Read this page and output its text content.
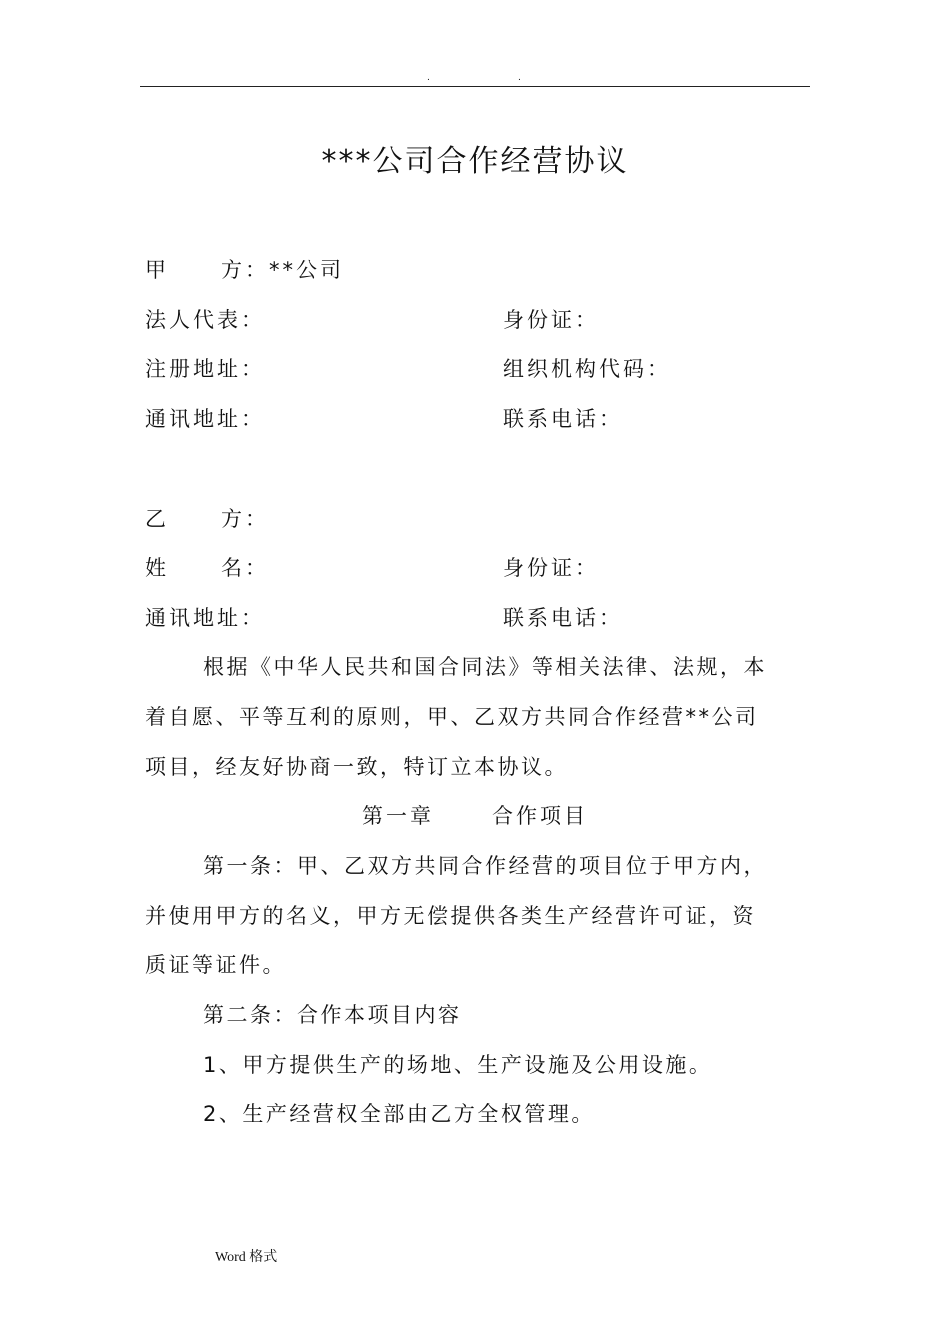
.	.
***公司合作经营协议
甲 方：**公司
法人代表：	身份证：
注册地址：	组织机构代码：
通讯地址：	联系电话：
乙 方：
姓 名：	身份证：
通讯地址：	联系电话：
根据《中华人民共和国合同法》等相关法律、法规，本
着自愿、平等互利的原则，甲、乙双方共同合作经营**公司
项目，经友好协商一致，特订立本协议。
第一章      合作项目
第一条：甲、乙双方共同合作经营的项目位于甲方内，
并使用甲方的名义，甲方无偿提供各类生产经营许可证，资
质证等证件。
第二条：合作本项目内容
1、甲方提供生产的场地、生产设施及公用设施。
2、生产经营权全部由乙方全权管理。
Word 格式
